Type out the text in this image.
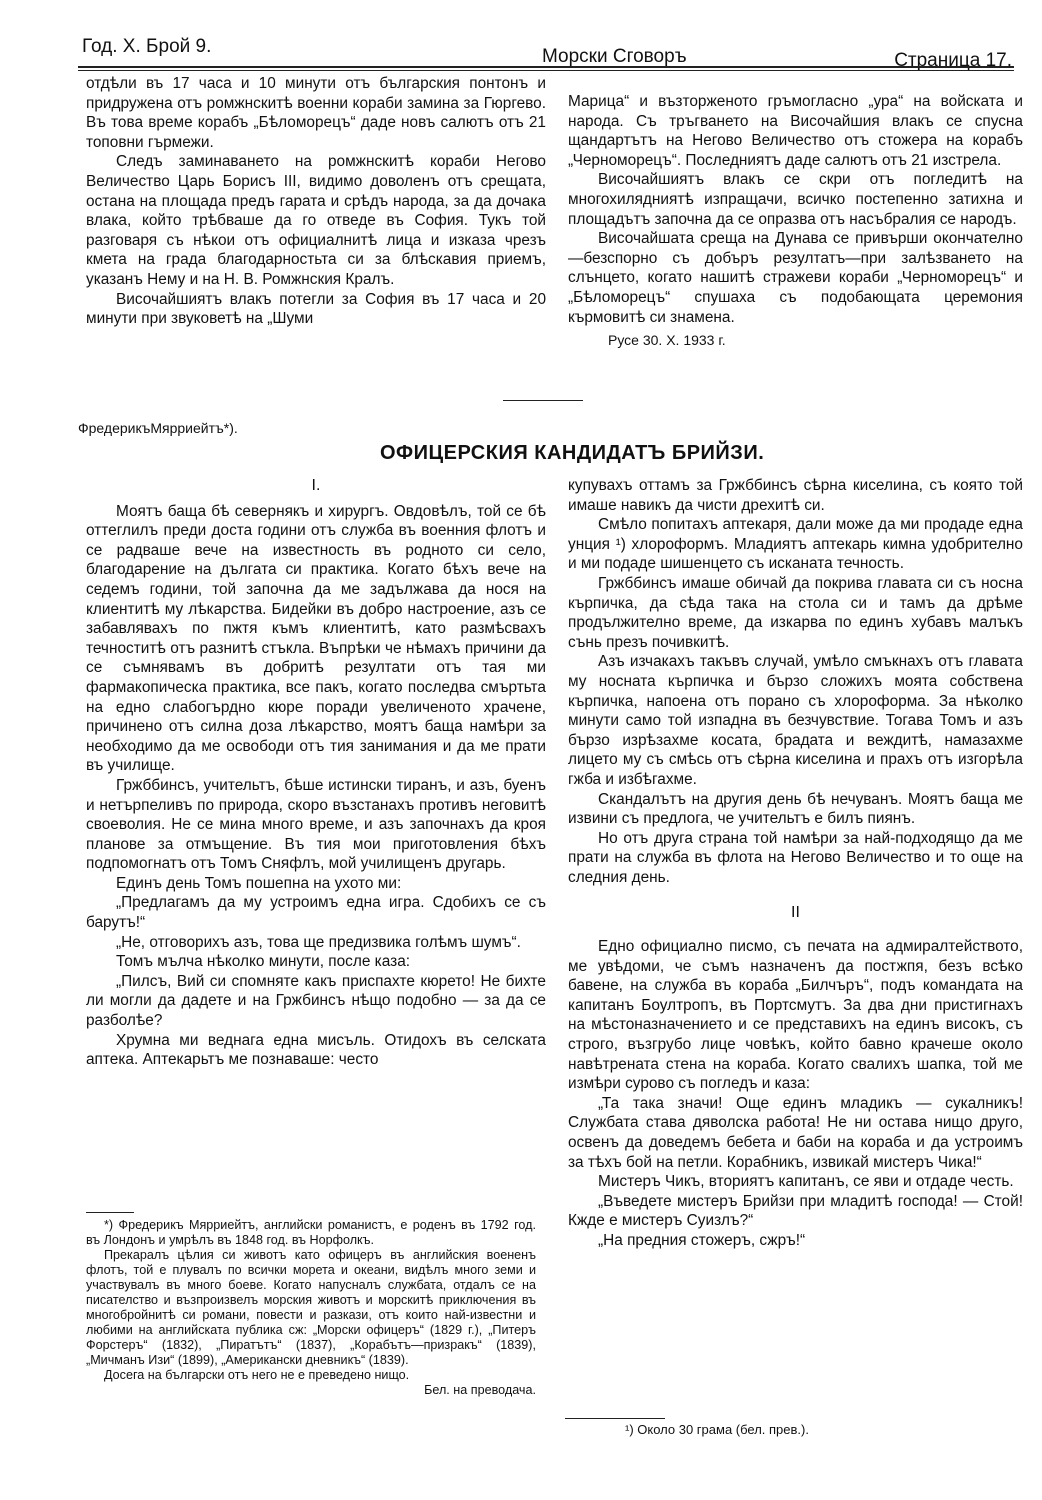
Год. X. Брой 9.	Морски Сговоръ	Страница 17.

отдѣли въ 17 часа и 10 минути отъ българския понтонъ и придружена отъ ромжнскитѣ военни кораби замина за Гюргево. Въ това време корабъ „Бѣломорецъ“ даде новъ салютъ отъ 21 топовни гърмежи.

Следъ заминаването на ромжнскитѣ кораби Негово Величество Царь Борисъ III, видимо доволенъ отъ срещата, остана на площада предъ гарата и срѣдъ народа, за да дочака влака, който трѣбваше да го отведе въ София. Тукъ той разговаря съ нѣкои отъ официалнитѣ лица и изказа чрезъ кмета на града благодарностьта си за блѣскавия приемъ, указанъ Нему и на Н. В. Ромжнския Кралъ.

Височайшиятъ влакъ потегли за София въ 17 часа и 20 минути при звуковетѣ на „Шуми

Марица“ и възторженото гръмогласно „ура“ на войската и народа. Съ тръгването на Височайшия влакъ се спусна щандартътъ на Негово Величество отъ стожера на корабъ „Черноморецъ“. Последниятъ даде салютъ отъ 21 изстрела.

Височайшиятъ влакъ се скри отъ погледитѣ на многохилядниятѣ изпращачи, всичко постепенно затихна и площадътъ започна да се опразва отъ насъбралия се народъ.

Височайшата среща на Дунава се привърши окончателно—безспорно съ добъръ резултатъ—при залѣзването на слънцето, когато нашитѣ стражеви кораби „Черноморецъ“ и „Бѣломорецъ“ спушаха съ подобающата церемония кърмовитѣ си знамена.

Русе 30. X. 1933 г.

ФредерикъМярриейтъ*).
ОФИЦЕРСКИЯ КАНДИДАТЪ БРИЙЗИ.

I.

Моятъ баща бѣ севернякъ и хирургъ. Овдовѣлъ, той се бѣ оттеглилъ преди доста години отъ служба въ военния флотъ и се радваше вече на известность въ родното си село, благодарение на дългата си практика. Когато бѣхъ вече на седемъ години, той започна да ме задължава да нося на клиентитѣ му лѣкарства. Бидейки въ добро настроение, азъ се забавлявахъ по пжтя къмъ клиентитѣ, като размѣсвахъ течноститѣ отъ разнитѣ стъкла. Въпрѣки че нѣмахъ причини да се съмнявамъ въ добритѣ резултати отъ тая ми фармакопическа практика, все пакъ, когато последва смъртьта на едно слабогърдно кюре поради увеличеното храчене, причинено отъ силна доза лѣкарство, моятъ баща намѣри за необходимо да ме освободи отъ тия занимания и да ме прати въ училище.

Гржббинсъ, учительтъ, бѣше истински тиранъ, и азъ, буенъ и нетърпеливъ по природа, скоро възстанахъ противъ неговитѣ своеволия. Не се мина много време, и азъ започнахъ да кроя планове за отмъщение. Въ тия мои приготовления бѣхъ подпомогнатъ отъ Томъ Сняфлъ, мой училищенъ другарь.

Единъ день Томъ пошепна на ухото ми:

„Предлагамъ да му устроимъ една игра. Сдобихъ се съ барутъ!“

„Не, отговорихъ азъ, това ще предизвика голѣмъ шумъ“.

Томъ мълча нѣколко минути, после каза:

„Пилсъ, Вий си спомняте какъ приспахте кюрето! Не бихте ли могли да дадете и на Гржбинсъ нѣщо подобно — за да се разболѣе?

Хрумна ми веднага една мисъль. Отидохъ въ селската аптека. Аптекарьтъ ме познаваше: често

купувахъ оттамъ за Гржббинсъ сѣрна киселина, съ която той имаше навикъ да чисти дрехитѣ си.

Смѣло попитахъ аптекаря, дали може да ми продаде една унция ¹) хлороформъ. Младиятъ аптекарь кимна удобрително и ми подаде шишенцето съ исканата течность.

Гржббинсъ имаше обичай да покрива главата си съ носна кърпичка, да сѣда така на стола си и тамъ да дрѣме продължително време, да изкарва по единъ хубавъ малъкъ сънь презъ почивкитѣ.

Азъ изчакахъ такъвъ случай, умѣло смъкнахъ отъ главата му носната кърпичка и бързо сложихъ моята собствена кърпичка, напоена отъ порано съ хлороформа. За нѣколко минути само той изпадна въ безчувствие. Тогава Томъ и азъ бързо изрѣзахме косата, брадата и веждитѣ, намазахме лицето му съ смѣсь отъ сѣрна киселина и прахъ отъ изгорѣла гжба и избѣгахме.

Скандалътъ на другия день бѣ нечуванъ. Моятъ баща ме извини съ предлога, че учительтъ е билъ пиянъ.

Но отъ друга страна той намѣри за най-подходящо да ме прати на служба въ флота на Негово Величество и то още на следния день.

II

Едно официално писмо, съ печата на адмиралтейството, ме увѣдоми, че съмъ назначенъ да постжпя, безъ всѣко бавене, на служба въ кораба „Билчъръ“, подъ командата на капитанъ Боултропъ, въ Портсмутъ. За два дни пристигнахъ на мѣстоназначението и се представихъ на единъ високъ, съ строго, възгрубо лице човѣкъ, който бавно крачеше около навѣтрената стена на кораба. Когато свалихъ шапка, той ме измѣри сурово съ погледъ и каза:

„Та така значи! Още единъ младикъ — сукалникъ! Службата става дяволска работа! Не ни остава нищо друго, освенъ да доведемъ бебета и баби на кораба и да устроимъ за тѣхъ бой на петли. Корабникъ, извикай мистеръ Чика!“

Мистеръ Чикъ, вториятъ капитанъ, се яви и отдаде честь.

„Въведете мистеръ Брийзи при младитѣ господа! — Стой! Кжде е мистеръ Суизлъ?“

„На предния стожеръ, сжръ!“

*) Фредерикъ Мярриейтъ, английски романистъ, е роденъ въ 1792 год. въ Лондонъ и умрѣлъ въ 1848 год. въ Норфолкъ.

Прекаралъ цѣлия си животъ като офицеръ въ английския воененъ флотъ, той е плувалъ по всички морета и океани, видѣлъ много земи и участвувалъ въ много боеве. Когато напусналъ службата, отдалъ се на писателство и възпроизвелъ морския животъ и морскитѣ приключения въ многобройнитѣ си романи, повести и разкази, отъ които най-известни и любими на английската публика сж: „Морски офицеръ“ (1829 г.), „Питеръ Форстеръ“ (1832), „Пиратътъ“ (1837), „Корабътъ—призракъ“ (1839), „Мичманъ Изи“ (1899), „Американски дневникъ“ (1839).

Досега на български отъ него не е преведено нищо.

Бел. на преводача.

¹) Около 30 грама (бел. прев.).
